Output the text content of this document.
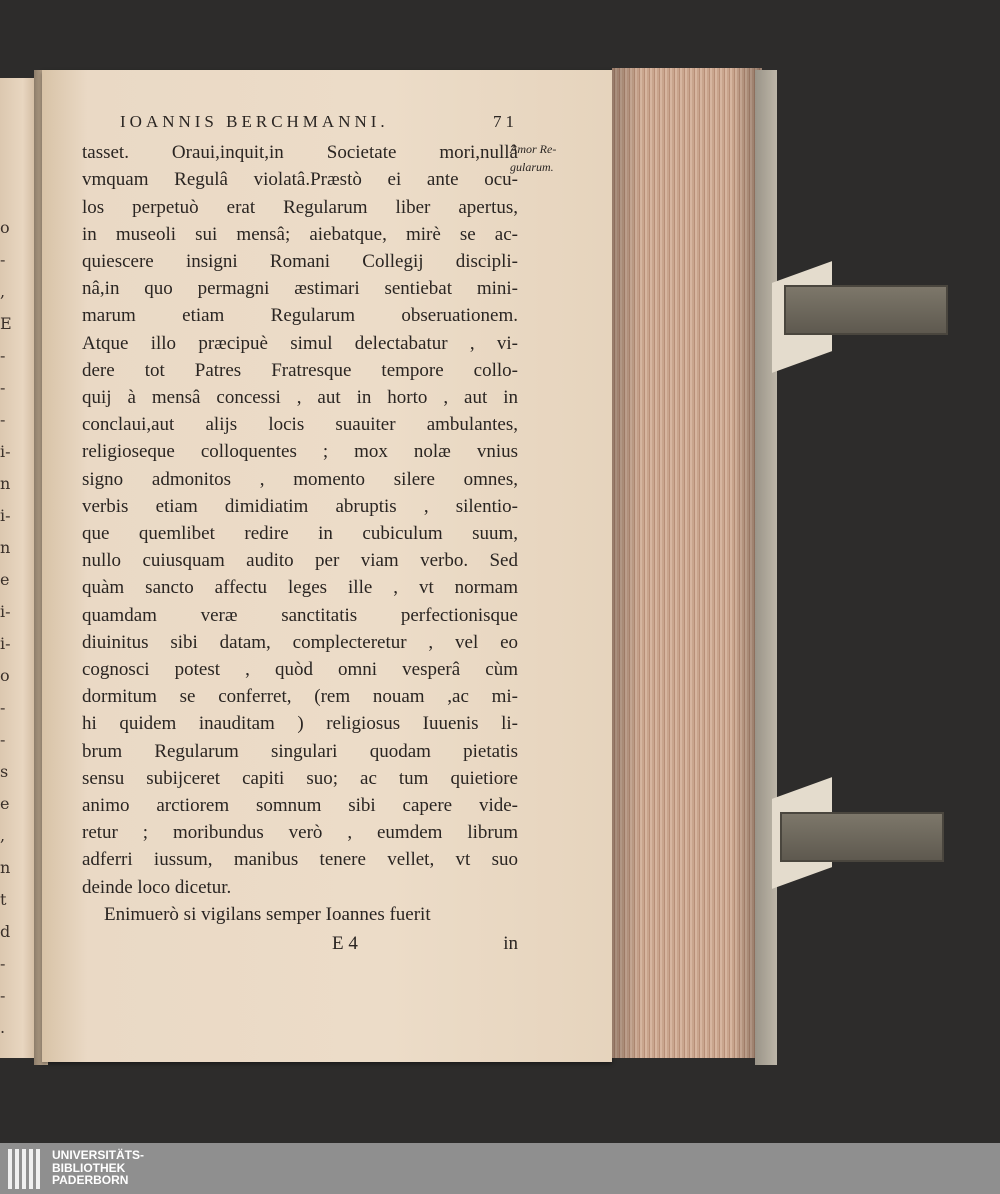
o
-
,
E
-
-
-
i-
n
i-
n
e
i-
i-
o
-
-
s
e
,
n
t
d
-
-
.
IOANNIS BERCHMANNI.	71
tasset. Oraui,inquit,in Societate mori,nullâ
vmquam Regulâ violatâ.Præstò ei ante ocu-
los perpetuò erat Regularum liber apertus,
in museoli sui mensâ; aiebatque, mirè se ac-
quiescere insigni Romani Collegij discipli-
nâ,in quo permagni æstimari sentiebat mini-
marum etiam Regularum obseruationem.
Atque illo præcipuè simul delectabatur , vi-
dere tot Patres Fratresque tempore collo-
quij à mensâ concessi , aut in horto , aut in
conclaui,aut alijs locis suauiter ambulantes,
religioseque colloquentes ; mox nolæ vnius
signo admonitos , momento silere omnes,
verbis etiam dimidiatim abruptis , silentio-
que quemlibet redire in cubiculum suum,
nullo cuiusquam audito per viam verbo. Sed
quàm sancto affectu leges ille , vt normam
quamdam veræ sanctitatis perfectionisque
diuinitus sibi datam, complecteretur , vel eo
cognosci potest , quòd omni vesperâ cùm
dormitum se conferret, (rem nouam ,ac mi-
hi quidem inauditam ) religiosus Iuuenis li-
brum Regularum singulari quodam pietatis
sensu subijceret capiti suo; ac tum quietiore
animo arctiorem somnum sibi capere vide-
retur ; moribundus verò , eumdem librum
adferri iussum, manibus tenere vellet, vt suo
deinde loco dicetur.
Enimuerò si vigilans semper Ioannes fuerit
E 4	in
Amor Re-
gularum.
UNIVERSITÄTS-
BIBLIOTHEK
PADERBORN
